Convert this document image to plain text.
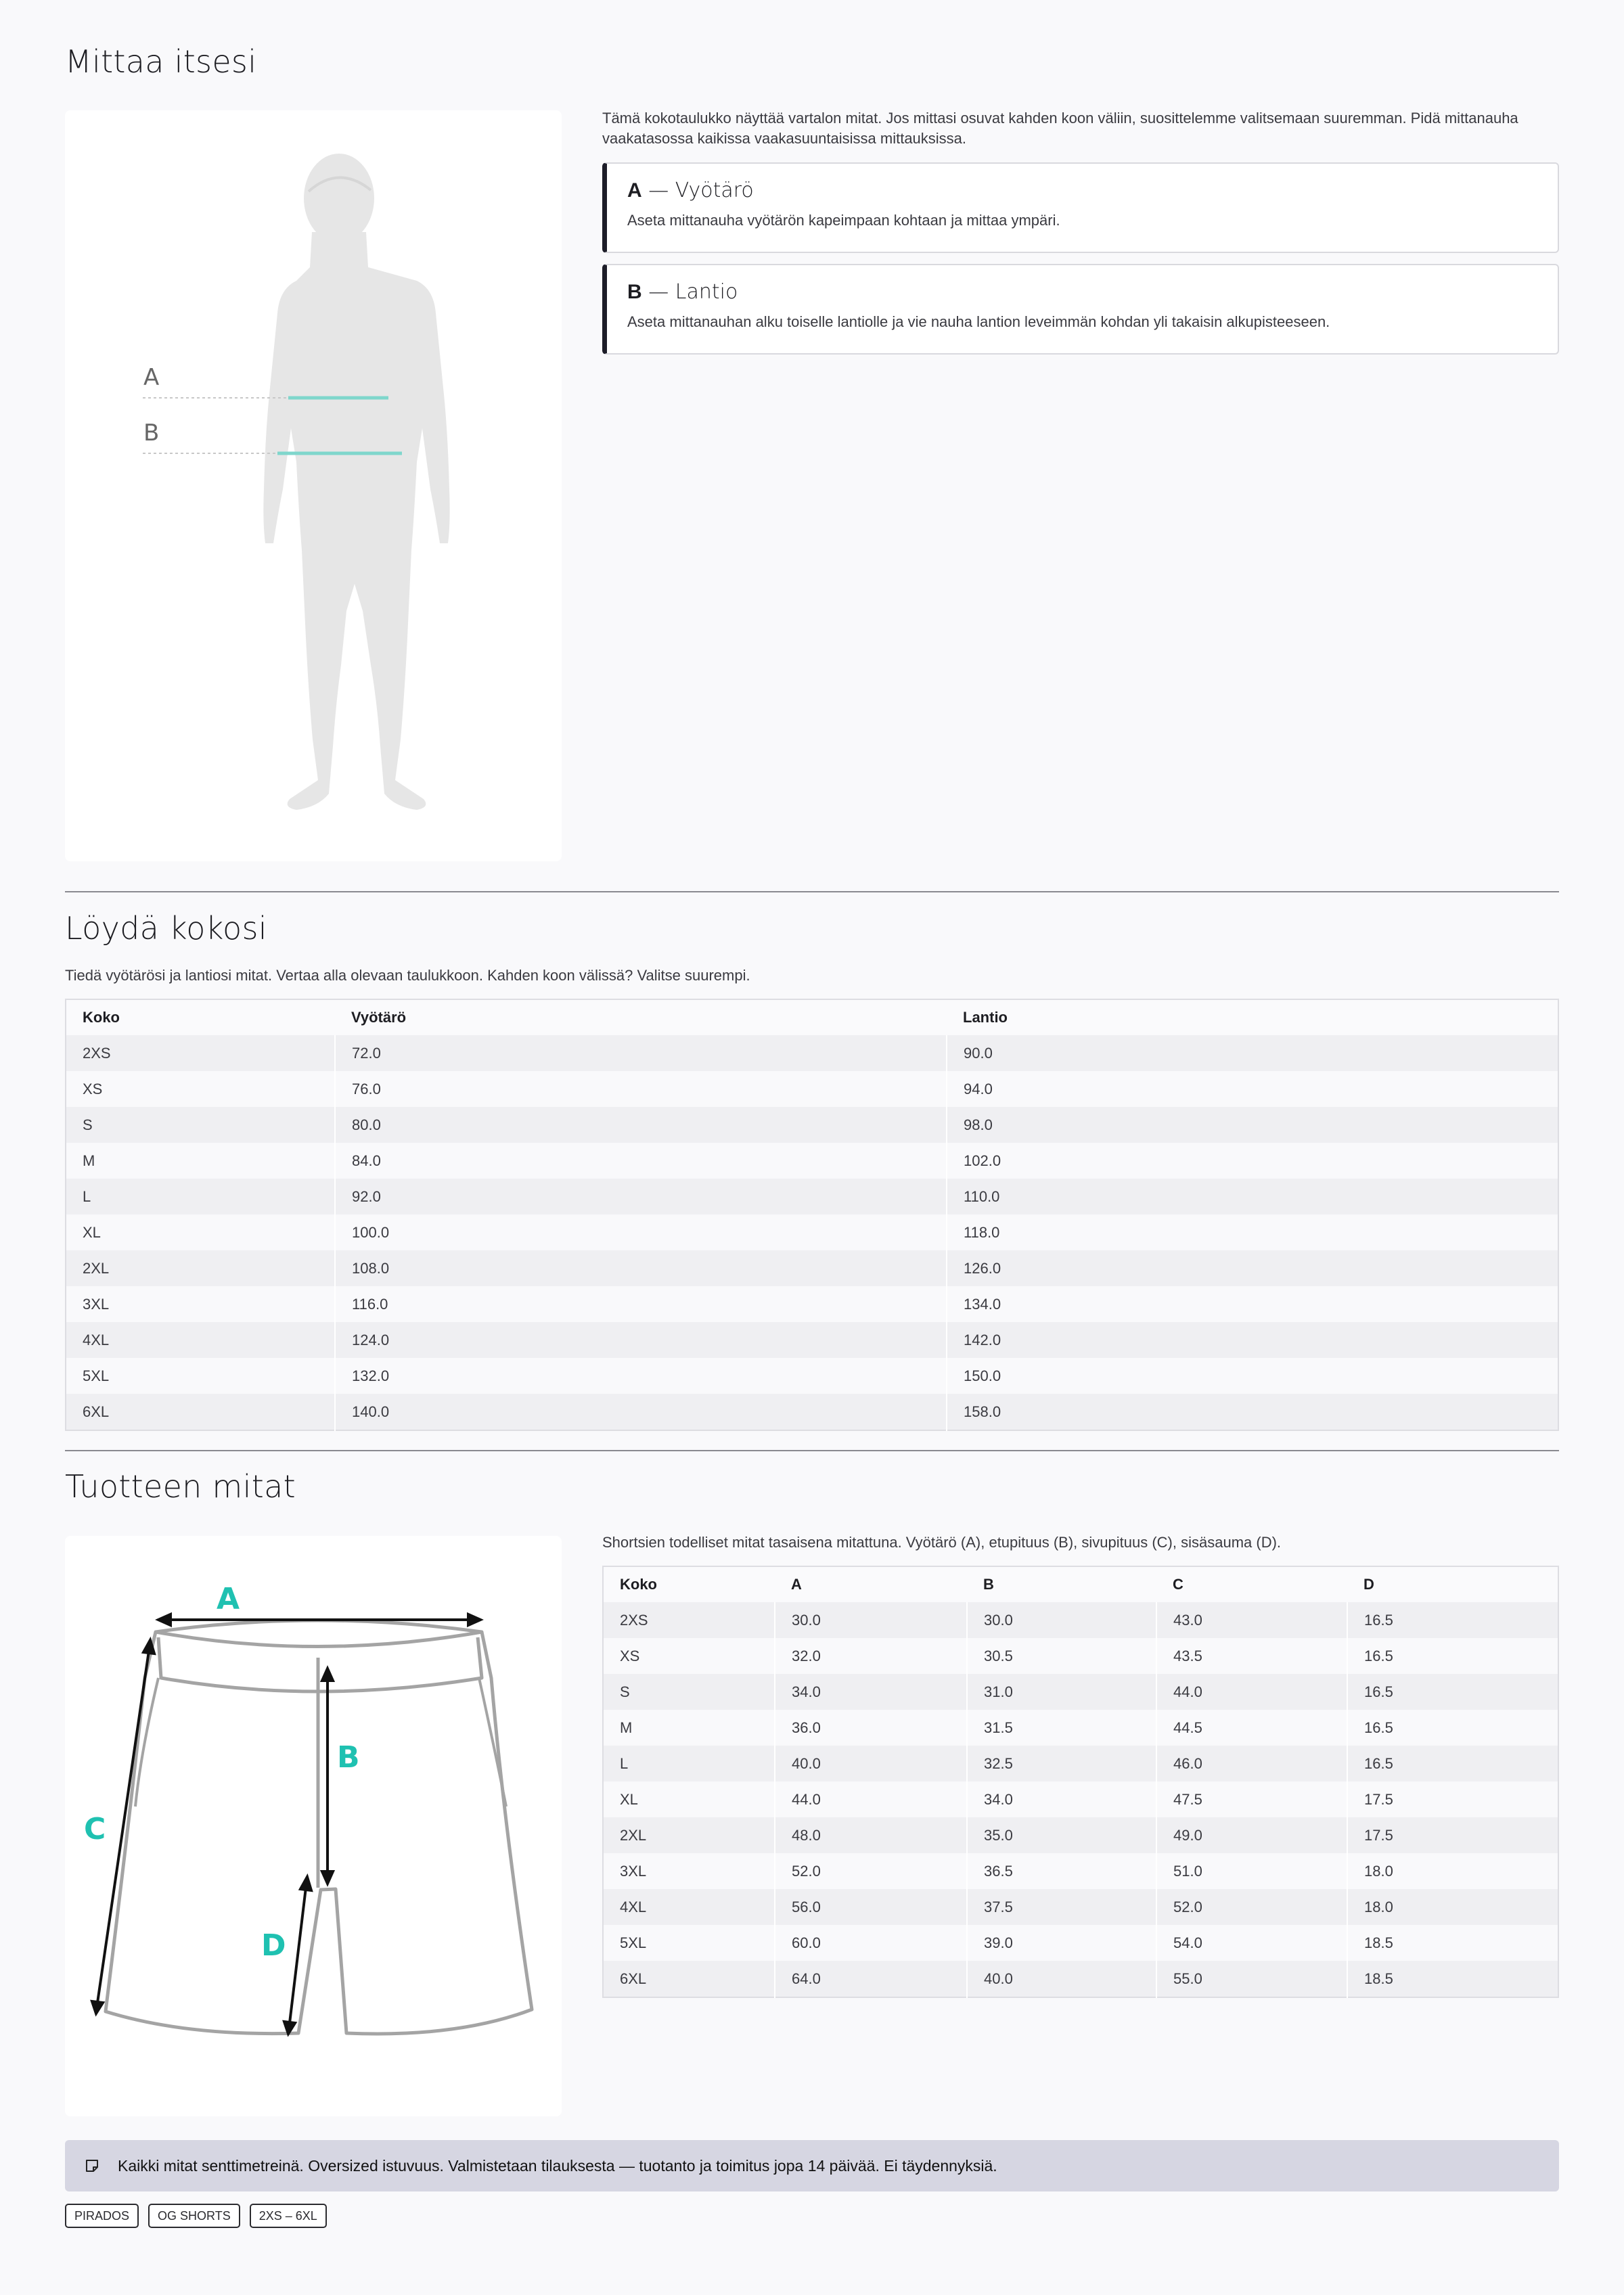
Mittaa itsesi
A
B
Tämä kokotaulukko näyttää vartalon mitat. Jos mittasi osuvat kahden koon väliin, suosittelemme valitsemaan suuremman. Pidä mittanauha vaakatasossa kaikissa vaakasuuntaisissa mittauksissa.
A — Vyötärö
Aseta mittanauha vyötärön kapeimpaan kohtaan ja mittaa ympäri.
B — Lantio
Aseta mittanauhan alku toiselle lantiolle ja vie nauha lantion leveimmän kohdan yli takaisin alkupisteeseen.
Löydä kokosi
Tiedä vyötärösi ja lantiosi mitat. Vertaa alla olevaan taulukkoon. Kahden koon välissä? Valitse suurempi.
Koko	Vyötärö	Lantio
2XS	72.0	90.0
XS	76.0	94.0
S	80.0	98.0
M	84.0	102.0
L	92.0	110.0
XL	100.0	118.0
2XL	108.0	126.0
3XL	116.0	134.0
4XL	124.0	142.0
5XL	132.0	150.0
6XL	140.0	158.0
Tuotteen mitat
A
B
C
D
Shortsien todelliset mitat tasaisena mitattuna. Vyötärö (A), etupituus (B), sivupituus (C), sisäsauma (D).
Koko	A	B	C	D
2XS	30.0	30.0	43.0	16.5
XS	32.0	30.5	43.5	16.5
S	34.0	31.0	44.0	16.5
M	36.0	31.5	44.5	16.5
L	40.0	32.5	46.0	16.5
XL	44.0	34.0	47.5	17.5
2XL	48.0	35.0	49.0	17.5
3XL	52.0	36.5	51.0	18.0
4XL	56.0	37.5	52.0	18.0
5XL	60.0	39.0	54.0	18.5
6XL	64.0	40.0	55.0	18.5
Kaikki mitat senttimetreinä. Oversized istuvuus. Valmistetaan tilauksesta — tuotanto ja toimitus jopa 14 päivää. Ei täydennyksiä.
PIRADOS	OG SHORTS	2XS – 6XL
